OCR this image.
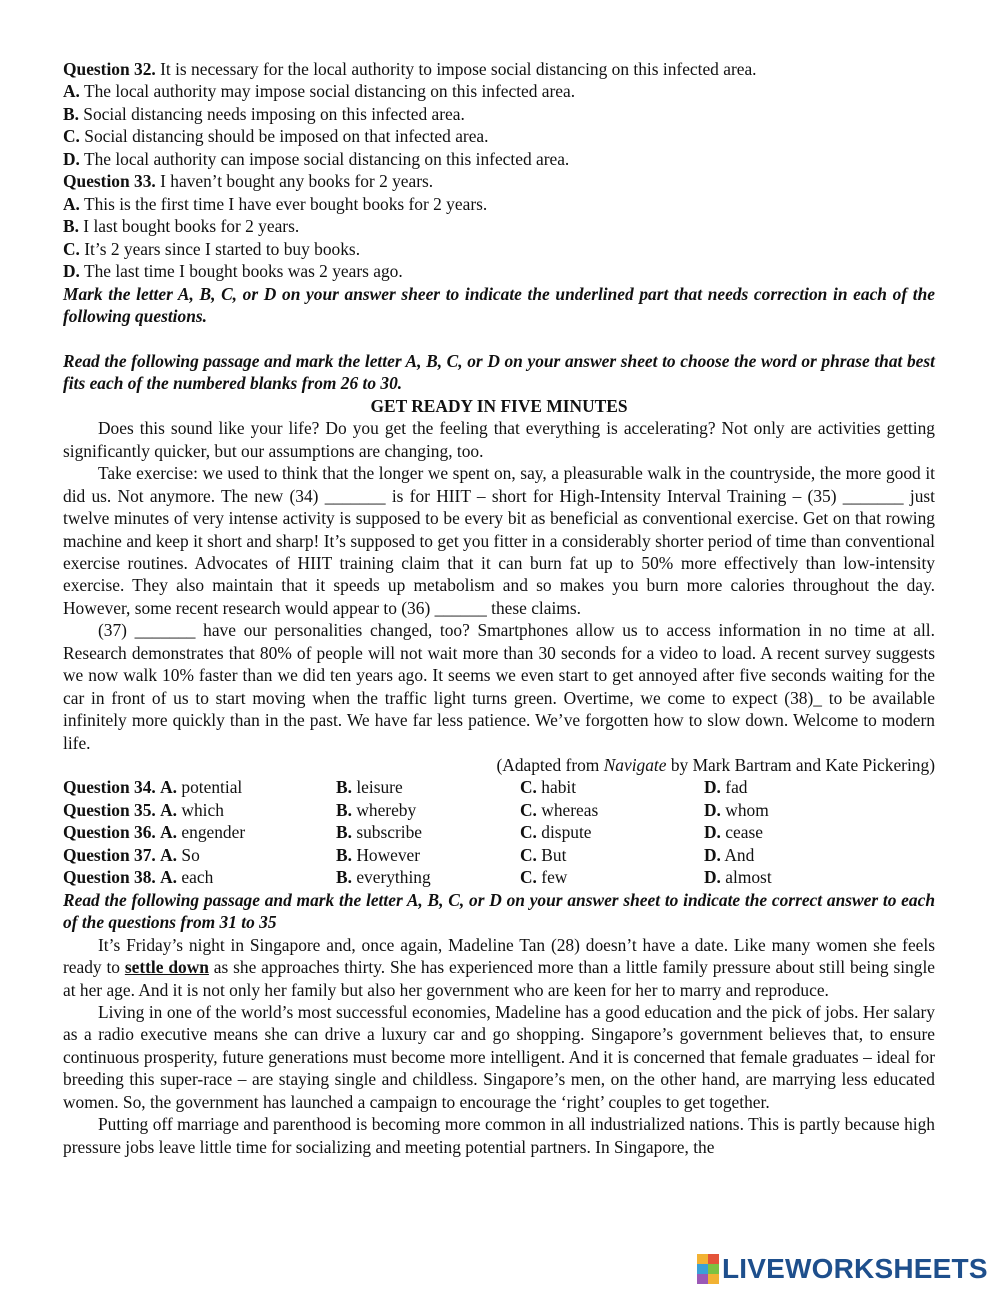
Question 32. It is necessary for the local authority to impose social distancing on this infected area.
A. The local authority may impose social distancing on this infected area.
B. Social distancing needs imposing on this infected area.
C. Social distancing should be imposed on that infected area.
D. The local authority can impose social distancing on this infected area.
Question 33. I haven’t bought any books for 2 years.
A. This is the first time I have ever bought books for 2 years.
B. I last bought books for 2 years.
C. It’s 2 years since I started to buy books.
D. The last time I bought books was 2 years ago.
Mark the letter A, B, C, or D on your answer sheer to indicate the underlined part that needs correction in each of the following questions.
Read the following passage and mark the letter A, B, C, or D on your answer sheet to choose the word or phrase that best fits each of the numbered blanks from 26 to 30.
GET READY IN FIVE MINUTES
Does this sound like your life? Do you get the feeling that everything is accelerating? Not only are activities getting significantly quicker, but our assumptions are changing, too.
Take exercise: we used to think that the longer we spent on, say, a pleasurable walk in the countryside, the more good it did us. Not anymore. The new (34) _______ is for HIIT – short for High-Intensity Interval Training – (35) _______ just twelve minutes of very intense activity is supposed to be every bit as beneficial as conventional exercise. Get on that rowing machine and keep it short and sharp! It’s supposed to get you fitter in a considerably shorter period of time than conventional exercise routines. Advocates of HIIT training claim that it can burn fat up to 50% more effectively than low-intensity exercise. They also maintain that it speeds up metabolism and so makes you burn more calories throughout the day. However, some recent research would appear to (36) ______ these claims.
(37) _______ have our personalities changed, too? Smartphones allow us to access information in no time at all. Research demonstrates that 80% of people will not wait more than 30 seconds for a video to load. A recent survey suggests we now walk 10% faster than we did ten years ago. It seems we even start to get annoyed after five seconds waiting for the car in front of us to start moving when the traffic light turns green. Overtime, we come to expect (38)_ to be available infinitely more quickly than in the past. We have far less patience. We’ve forgotten how to slow down. Welcome to modern life.
(Adapted from Navigate by Mark Bartram and Kate Pickering)
Question 34. A. potential	B. leisure	C. habit	D. fad
Question 35. A. which	B. whereby	C. whereas	D. whom
Question 36. A. engender	B. subscribe	C. dispute	D. cease
Question 37. A. So	B. However	C. But	D. And
Question 38. A. each	B. everything	C. few	D. almost
Read the following passage and mark the letter A, B, C, or D on your answer sheet to indicate the correct answer to each of the questions from 31 to 35
It’s Friday’s night in Singapore and, once again, Madeline Tan (28) doesn’t have a date. Like many women she feels ready to settle down as she approaches thirty. She has experienced more than a little family pressure about still being single at her age. And it is not only her family but also her government who are keen for her to marry and reproduce.
Living in one of the world’s most successful economies, Madeline has a good education and the pick of jobs. Her salary as a radio executive means she can drive a luxury car and go shopping. Singapore’s government believes that, to ensure continuous prosperity, future generations must become more intelligent. And it is concerned that female graduates – ideal for breeding this super-race – are staying single and childless. Singapore’s men, on the other hand, are marrying less educated women. So, the government has launched a campaign to encourage the ‘right’ couples to get together.
Putting off marriage and parenthood is becoming more common in all industrialized nations. This is partly because high pressure jobs leave little time for socializing and meeting potential partners. In Singapore, the
LIVEWORKSHEETS
